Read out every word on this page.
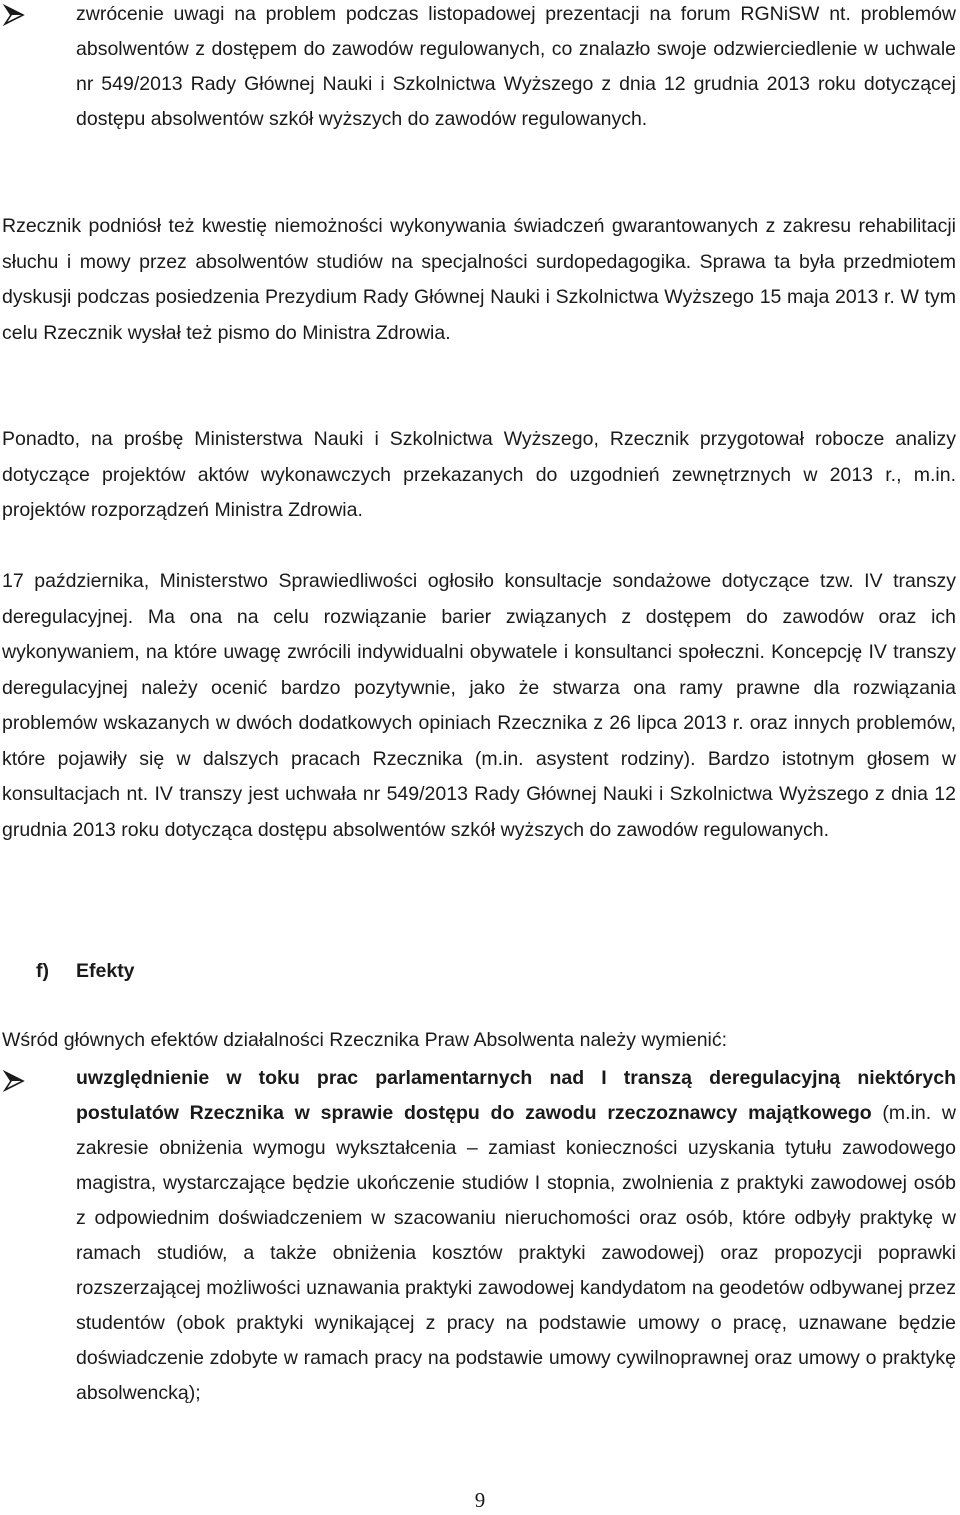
zwrócenie uwagi na problem podczas listopadowej prezentacji na forum RGNiSW nt. problemów absolwentów z dostępem do zawodów regulowanych, co znalazło swoje odzwierciedlenie w uchwale nr 549/2013 Rady Głównej Nauki i Szkolnictwa Wyższego z dnia 12 grudnia 2013 roku dotyczącej dostępu absolwentów szkół wyższych do zawodów regulowanych.

Rzecznik podniósł też kwestię niemożności wykonywania świadczeń gwarantowanych z zakresu rehabilitacji słuchu i mowy przez absolwentów studiów na specjalności surdopedagogika. Sprawa ta była przedmiotem dyskusji podczas posiedzenia Prezydium Rady Głównej Nauki i Szkolnictwa Wyższego 15 maja 2013 r. W tym celu Rzecznik wysłał też pismo do Ministra Zdrowia.

Ponadto, na prośbę Ministerstwa Nauki i Szkolnictwa Wyższego, Rzecznik przygotował robocze analizy dotyczące projektów aktów wykonawczych przekazanych do uzgodnień zewnętrznych w 2013 r., m.in. projektów rozporządzeń Ministra Zdrowia.

17 października, Ministerstwo Sprawiedliwości ogłosiło konsultacje sondażowe dotyczące tzw. IV transzy deregulacyjnej. Ma ona na celu rozwiązanie barier związanych z dostępem do zawodów oraz ich wykonywaniem, na które uwagę zwrócili indywidualni obywatele i konsultanci społeczni. Koncepcję IV transzy deregulacyjnej należy ocenić bardzo pozytywnie, jako że stwarza ona ramy prawne dla rozwiązania problemów wskazanych w dwóch dodatkowych opiniach Rzecznika z 26 lipca 2013 r. oraz innych problemów, które pojawiły się w dalszych pracach Rzecznika (m.in. asystent rodziny). Bardzo istotnym głosem w konsultacjach nt. IV transzy jest uchwała nr 549/2013 Rady Głównej Nauki i Szkolnictwa Wyższego z dnia 12 grudnia 2013 roku dotycząca dostępu absolwentów szkół wyższych do zawodów regulowanych.

f) Efekty

Wśród głównych efektów działalności Rzecznika Praw Absolwenta należy wymienić:

uwzględnienie w toku prac parlamentarnych nad I transzą deregulacyjną niektórych postulatów Rzecznika w sprawie dostępu do zawodu rzeczoznawcy majątkowego (m.in. w zakresie obniżenia wymogu wykształcenia – zamiast konieczności uzyskania tytułu zawodowego magistra, wystarczające będzie ukończenie studiów I stopnia, zwolnienia z praktyki zawodowej osób z odpowiednim doświadczeniem w szacowaniu nieruchomości oraz osób, które odbyły praktykę w ramach studiów, a także obniżenia kosztów praktyki zawodowej) oraz propozycji poprawki rozszerzającej możliwości uznawania praktyki zawodowej kandydatom na geodetów odbywanej przez studentów (obok praktyki wynikającej z pracy na podstawie umowy o pracę, uznawane będzie doświadczenie zdobyte w ramach pracy na podstawie umowy cywilnoprawnej oraz umowy o praktykę absolwencką);
9
